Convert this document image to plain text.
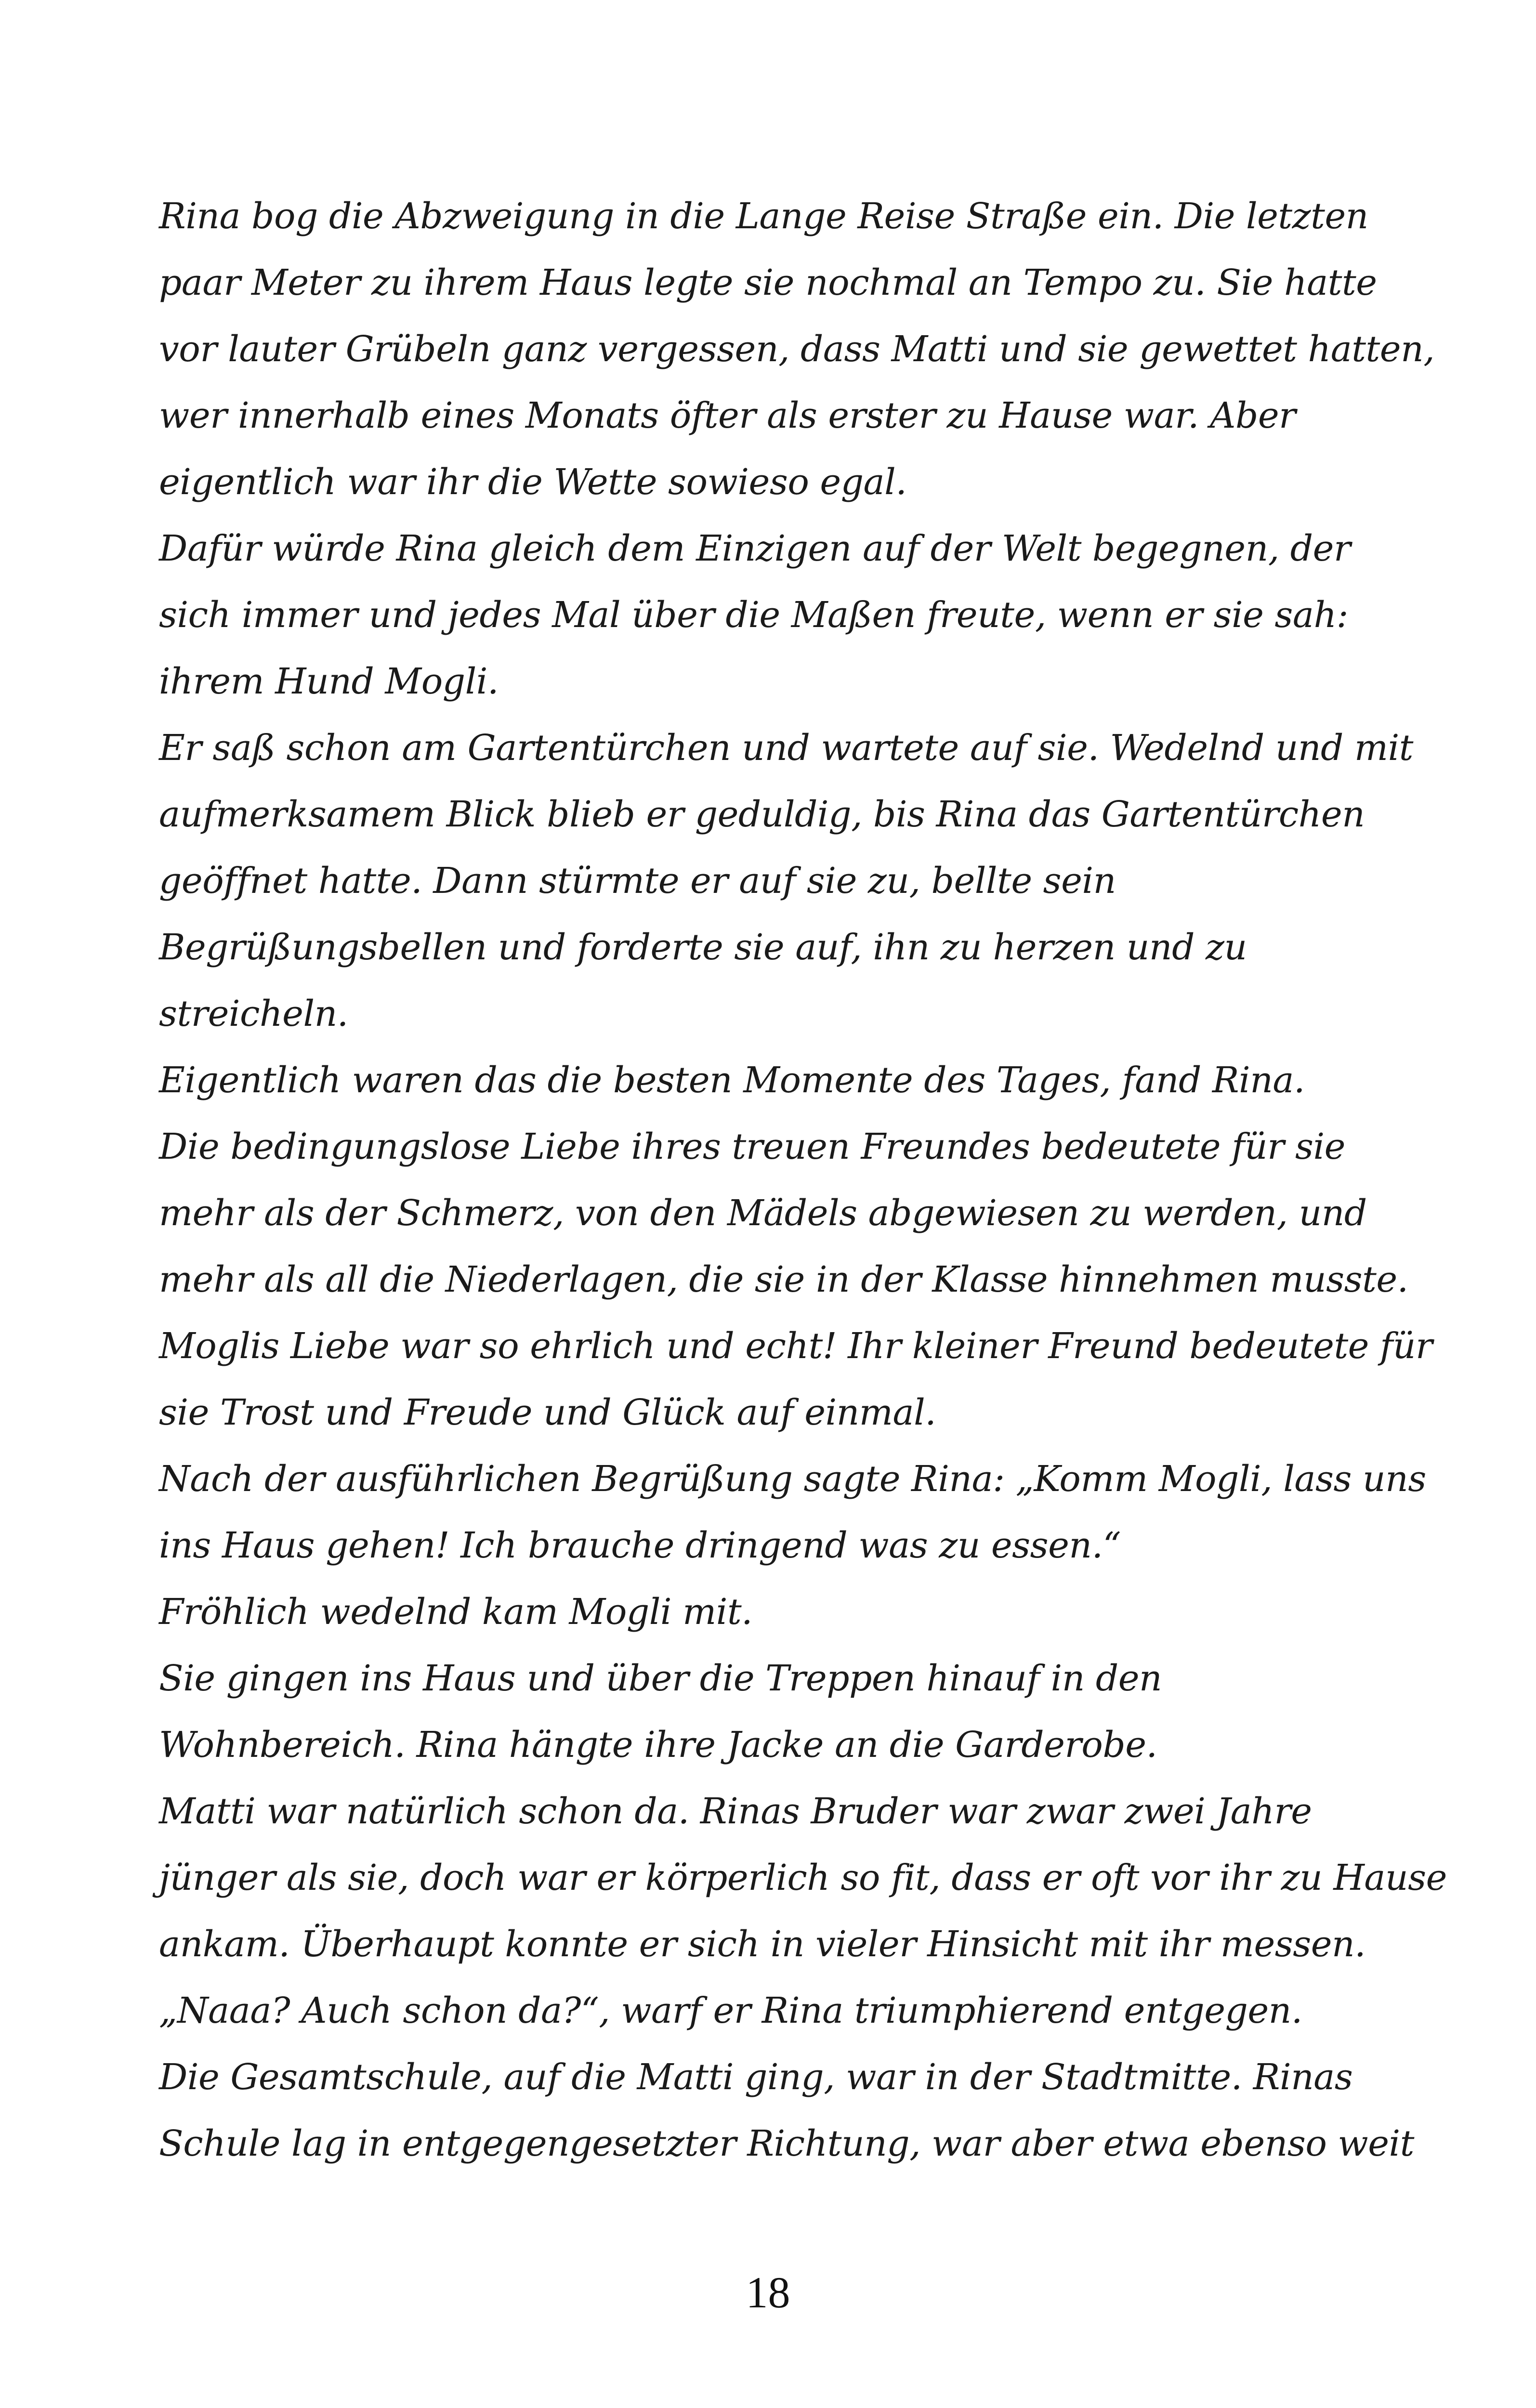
Rina bog die Abzweigung in die Lange Reise Straße ein. Die letzten
paar Meter zu ihrem Haus legte sie nochmal an Tempo zu. Sie hatte
vor lauter Grübeln ganz vergessen, dass Matti und sie gewettet hatten,
wer innerhalb eines Monats öfter als erster zu Hause war. Aber
eigentlich war ihr die Wette sowieso egal.
Dafür würde Rina gleich dem Einzigen auf der Welt begegnen, der
sich immer und jedes Mal über die Maßen freute, wenn er sie sah:
ihrem Hund Mogli.
Er saß schon am Gartentürchen und wartete auf sie. Wedelnd und mit
aufmerksamem Blick blieb er geduldig, bis Rina das Gartentürchen
geöffnet hatte. Dann stürmte er auf sie zu, bellte sein
Begrüßungsbellen und forderte sie auf, ihn zu herzen und zu
streicheln.
Eigentlich waren das die besten Momente des Tages, fand Rina.
Die bedingungslose Liebe ihres treuen Freundes bedeutete für sie
mehr als der Schmerz, von den Mädels abgewiesen zu werden, und
mehr als all die Niederlagen, die sie in der Klasse hinnehmen musste.
Moglis Liebe war so ehrlich und echt! Ihr kleiner Freund bedeutete für
sie Trost und Freude und Glück auf einmal.
Nach der ausführlichen Begrüßung sagte Rina: „Komm Mogli, lass uns
ins Haus gehen! Ich brauche dringend was zu essen.“
Fröhlich wedelnd kam Mogli mit.
Sie gingen ins Haus und über die Treppen hinauf in den
Wohnbereich. Rina hängte ihre Jacke an die Garderobe.
Matti war natürlich schon da. Rinas Bruder war zwar zwei Jahre
jünger als sie, doch war er körperlich so fit, dass er oft vor ihr zu Hause
ankam. Überhaupt konnte er sich in vieler Hinsicht mit ihr messen.
„Naaa? Auch schon da?“, warf er Rina triumphierend entgegen.
Die Gesamtschule, auf die Matti ging, war in der Stadtmitte. Rinas
Schule lag in entgegengesetzter Richtung, war aber etwa ebenso weit
18
